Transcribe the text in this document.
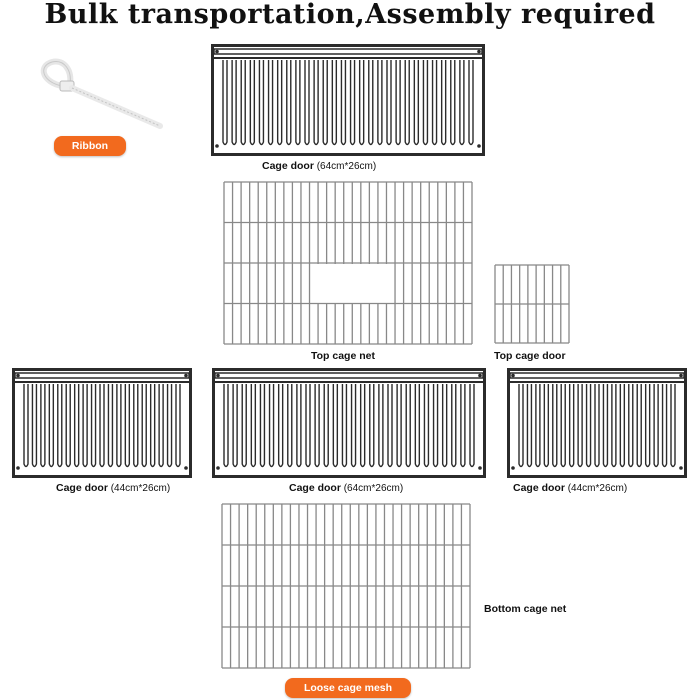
Bulk transportation,Assembly required
Ribbon
Cage door (64cm*26cm)
Top cage net	Top cage door
Cage door (44cm*26cm)	Cage door (64cm*26cm)	Cage door (44cm*26cm)
Bottom cage net
Loose cage mesh
